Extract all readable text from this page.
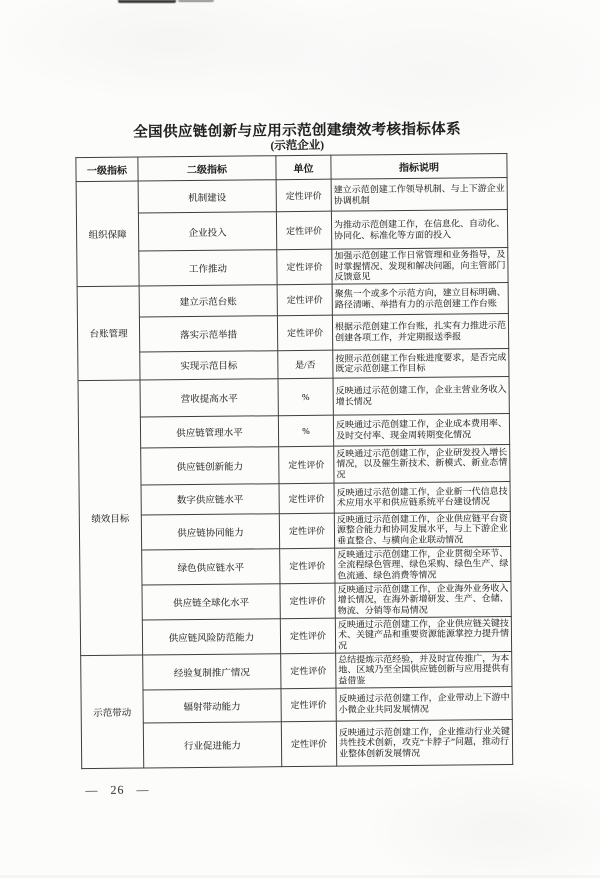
全国供应链创新与应用示范创建绩效考核指标体系
(示范企业)
一级指标	二级指标	单位	指标说明
组织保障	机制建设	定性评价	建立示范创建工作领导机制、与上下游企业协调机制
	企业投入	定性评价	为推动示范创建工作，在信息化、自动化、协同化、标准化等方面的投入
	工作推动	定性评价	加强示范创建工作日常管理和业务指导，及时掌握情况、发现和解决问题，向主管部门反馈意见
台账管理	建立示范台账	定性评价	聚焦一个或多个示范方向，建立目标明确、路径清晰、举措有力的示范创建工作台账
	落实示范举措	定性评价	根据示范创建工作台账，扎实有力推进示范创建各项工作，并定期报送季报
	实现示范目标	是/否	按照示范创建工作台账进度要求，是否完成既定示范创建工作目标
绩效目标	营收提高水平	%	反映通过示范创建工作，企业主营业务收入增长情况
	供应链管理水平	%	反映通过示范创建工作，企业成本费用率、及时交付率、现金周转期变化情况
	供应链创新能力	定性评价	反映通过示范创建工作，企业研发投入增长情况，以及催生新技术、新模式、新业态情况
	数字供应链水平	定性评价	反映通过示范创建工作，企业新一代信息技术应用水平和供应链系统平台建设情况
	供应链协同能力	定性评价	反映通过示范创建工作，企业供应链平台资源整合能力和协同发展水平，与上下游企业垂直整合、与横向企业联动情况
	绿色供应链水平	定性评价	反映通过示范创建工作，企业贯彻全环节、全流程绿色管理、绿色采购、绿色生产、绿色流通、绿色消费等情况
	供应链全球化水平	定性评价	反映通过示范创建工作，企业海外业务收入增长情况，在海外新增研发、生产、仓储、物流、分销等布局情况
	供应链风险防范能力	定性评价	反映通过示范创建工作，企业供应链关键技术、关键产品和重要资源能源掌控力提升情况
示范带动	经验复制推广情况	定性评价	总结提炼示范经验，并及时宣传推广，为本地、区域乃至全国供应链创新与应用提供有益借鉴
	辐射带动能力	定性评价	反映通过示范创建工作，企业带动上下游中小微企业共同发展情况
	行业促进能力	定性评价	反映通过示范创建工作，企业推动行业关键共性技术创新，攻克“卡脖子”问题，推动行业整体创新发展情况
— 26 —
